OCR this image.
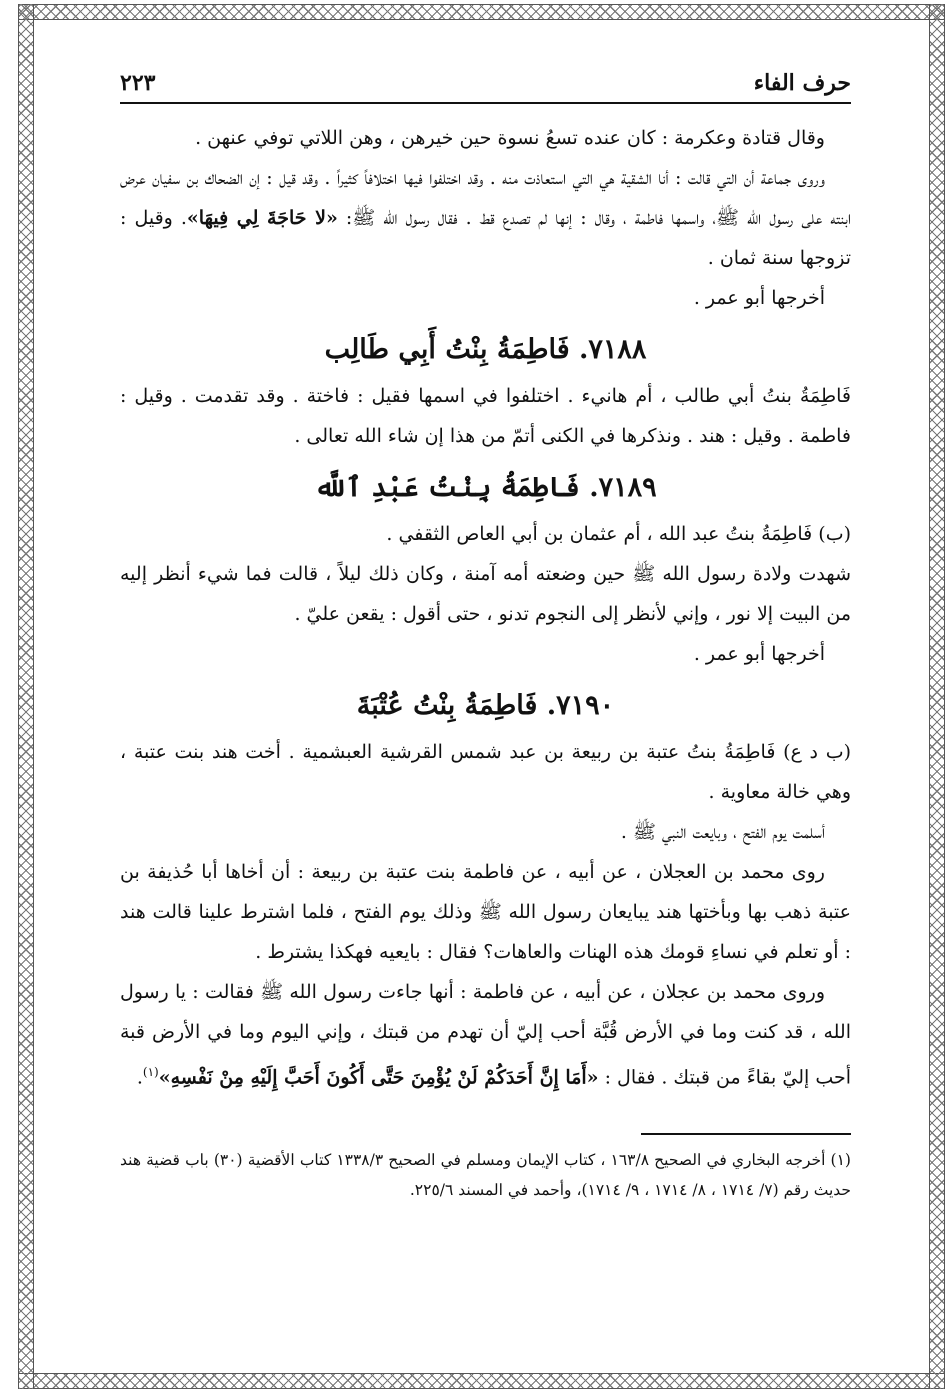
حرف الفاء
٢٢٣

وقال قتادة وعكرمة : كان عنده تسعُ نسوة حين خيرهن ، وهن اللاتي توفي عنهن .

وروى جماعة أن التي قالت : أنا الشقية هي التي استعاذت منه . وقد اختلفوا فيها اختلافاً كثيراً . وقد قيل : إن الضحاك بن سفيان عرض ابنته على رسول الله ﷺ، واسمها فاطمة ، وقال : إنها لم تصدع قط . فقال رسول الله ﷺ: «لا حَاجَةَ لِي فِيهَا». وقيل : تزوجها سنة ثمان .

أخرجها أبو عمر .

٧١٨٨. فَاطِمَةُ بِنْتُ أَبِي طَالِب

فَاطِمَةُ بنتُ أبي طالب ، أم هانيء . اختلفوا في اسمها فقيل : فاختة . وقد تقدمت . وقيل : فاطمة . وقيل : هند . ونذكرها في الكنى أتمّ من هذا إن شاء الله تعالى .

٧١٨٩. فَاطِمَةُ بِنْتُ عَبْدِ ٱللَّه

(ب) فَاطِمَةُ بنتُ عبد الله ، أم عثمان بن أبي العاص الثقفي .

شهدت ولادة رسول الله ﷺ حين وضعته أمه آمنة ، وكان ذلك ليلاً ، قالت فما شيء أنظر إليه من البيت إلا نور ، وإني لأنظر إلى النجوم تدنو ، حتى أقول : يقعن عليّ .

أخرجها أبو عمر .

٧١٩٠. فَاطِمَةُ بِنْتُ عُتْبَةَ

(ب د ع) فَاطِمَةُ بنتُ عتبة بن ربيعة بن عبد شمس القرشية العبشمية . أخت هند بنت عتبة ، وهي خالة معاوية .

أسلمت يوم الفتح ، وبايعت النبي ﷺ .

روى محمد بن العجلان ، عن أبيه ، عن فاطمة بنت عتبة بن ربيعة : أن أخاها أبا حُذيفة بن عتبة ذهب بها وبأختها هند يبايعان رسول الله ﷺ وذلك يوم الفتح ، فلما اشترط علينا قالت هند : أو تعلم في نساءِ قومك هذه الهنات والعاهات؟ فقال : بايعيه فهكذا يشترط .

وروى محمد بن عجلان ، عن أبيه ، عن فاطمة : أنها جاءت رسول الله ﷺ فقالت : يا رسول الله ، قد كنت وما في الأرض قُبَّة أحب إليّ أن تهدم من قبتك ، وإني اليوم وما في الأرض قبة أحب إليّ بقاءً من قبتك . فقال : «أَمَا إِنَّ أَحَدَكُمْ لَنْ يُؤْمِنَ حَتَّى أَكُونَ أَحَبَّ إِلَيْهِ مِنْ نَفْسِهِ»$^{(١)}$.

(١) أخرجه البخاري في الصحيح ١٦٣/٨ ، كتاب الإيمان ومسلم في الصحيح ١٣٣٨/٣ كتاب الأقضية (٣٠) باب قضية هند حديث رقم (٧/ ١٧١٤ ، ٨/ ١٧١٤ ، ٩/ ١٧١٤)، وأحمد في المسند ٢٢٥/٦.
